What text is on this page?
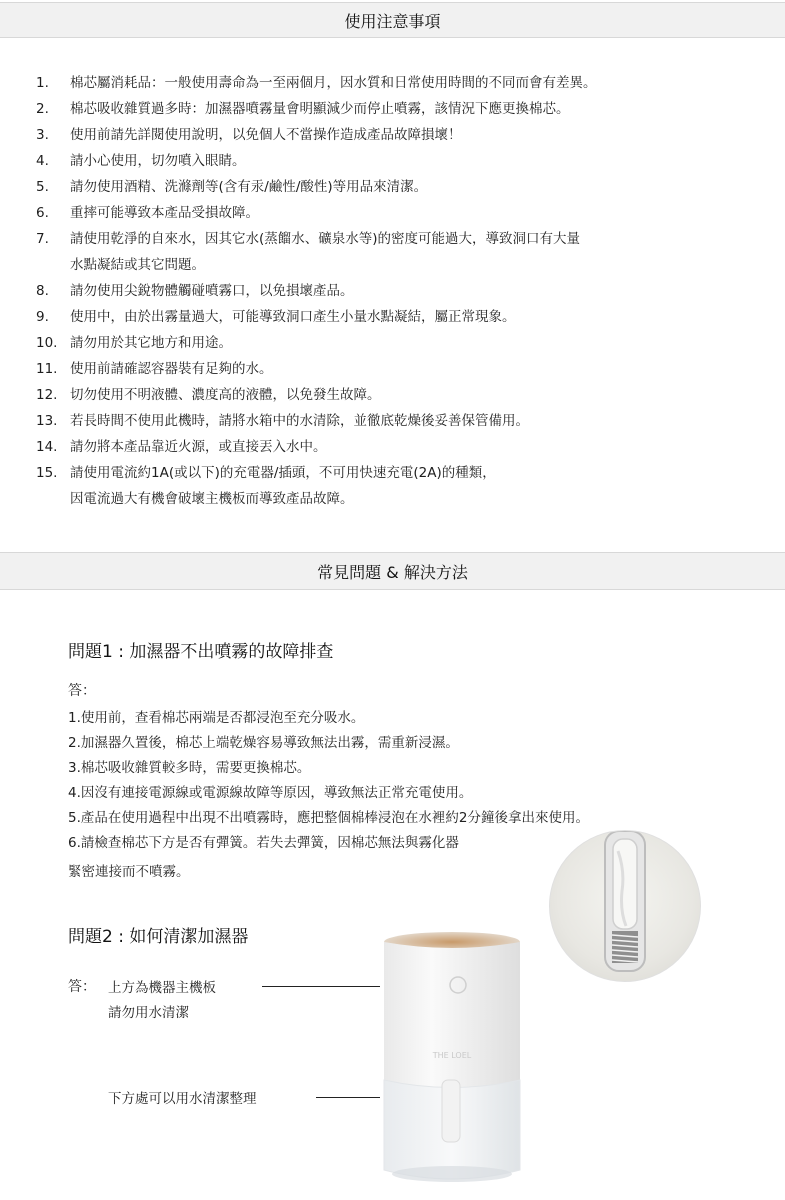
使用注意事項
1.	棉芯屬消耗品：一般使用壽命為一至兩個月，因水質和日常使用時間的不同而會有差異。
2.	棉芯吸收雜質過多時：加濕器噴霧量會明顯減少而停止噴霧，該情況下應更換棉芯。
3.	使用前請先詳閱使用說明，以免個人不當操作造成產品故障損壞！
4.	請小心使用，切勿噴入眼睛。
5.	請勿使用酒精、洗滌劑等(含有汞/鹼性/酸性)等用品來清潔。
6.	重摔可能導致本產品受損故障。
7.	請使用乾淨的自來水，因其它水(蒸餾水、礦泉水等)的密度可能過大，導致洞口有大量
水點凝結或其它問題。
8.	請勿使用尖銳物體觸碰噴霧口，以免損壞產品。
9.	使用中，由於出霧量過大，可能導致洞口產生小量水點凝結，屬正常現象。
10. 請勿用於其它地方和用途。
11. 使用前請確認容器裝有足夠的水。
12. 切勿使用不明液體、濃度高的液體，以免發生故障。
13. 若長時間不使用此機時，請將水箱中的水清除，並徹底乾燥後妥善保管備用。
14. 請勿將本產品靠近火源，或直接丟入水中。
15. 請使用電流約1A(或以下)的充電器/插頭，不可用快速充電(2A)的種類，
因電流過大有機會破壞主機板而導致產品故障。
常見問題 & 解決方法
問題1 : 加濕器不出噴霧的故障排查
答：
1.使用前，查看棉芯兩端是否都浸泡至充分吸水。
2.加濕器久置後，棉芯上端乾燥容易導致無法出霧，需重新浸濕。
3.棉芯吸收雜質較多時，需要更換棉芯。
4.因沒有連接電源線或電源線故障等原因，導致無法正常充電使用。
5.產品在使用過程中出現不出噴霧時，應把整個棉棒浸泡在水裡約2分鐘後拿出來使用。
6.請檢查棉芯下方是否有彈簧。若失去彈簧，因棉芯無法與霧化器
緊密連接而不噴霧。
問題2 : 如何清潔加濕器
答： 上方為機器主機板
請勿用水清潔
下方處可以用水清潔整理
THE LOEL
